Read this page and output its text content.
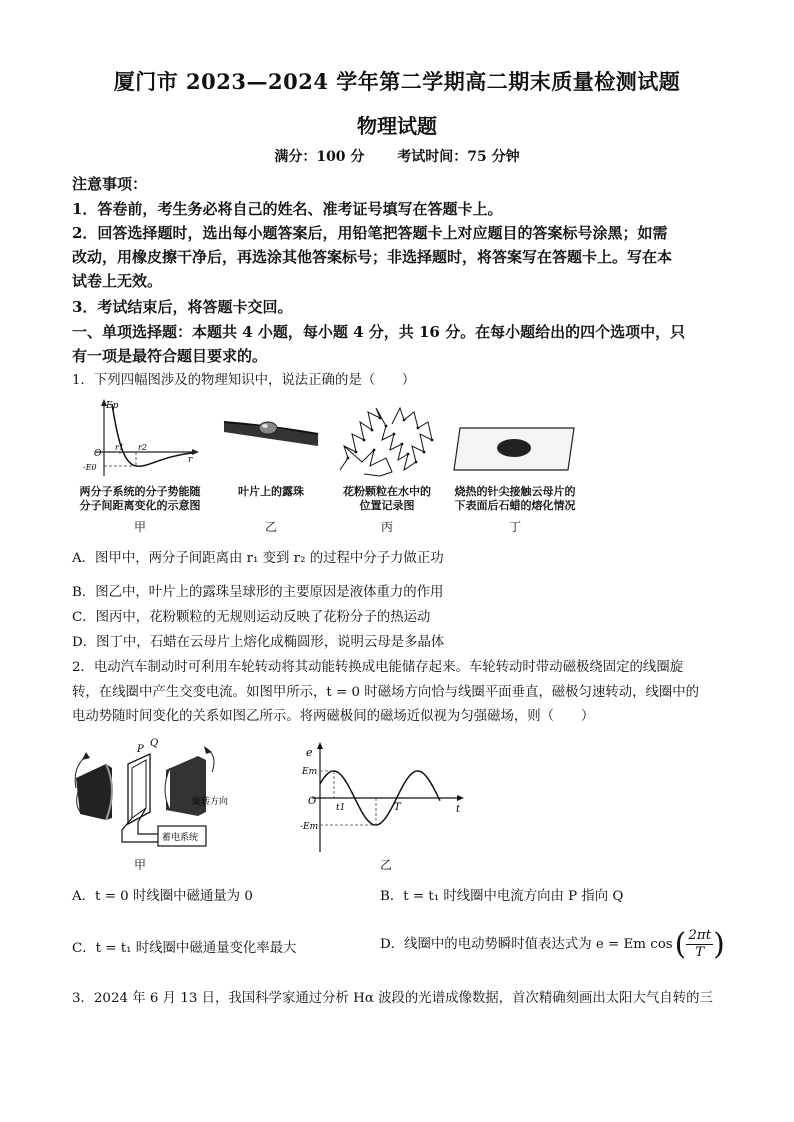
厦门市 2023—2024 学年第二学期高二期末质量检测试题
物理试题
满分：100 分 考试时间：75 分钟
注意事项：
1．答卷前，考生务必将自己的姓名、准考证号填写在答题卡上。
2．回答选择题时，选出每小题答案后，用铅笔把答题卡上对应题目的答案标号涂黑；如需
改动，用橡皮擦干净后，再选涂其他答案标号；非选择题时，将答案写在答题卡上。写在本
试卷上无效。
3．考试结束后，将答题卡交回。
一、单项选择题：本题共 4 小题，每小题 4 分，共 16 分。在每小题给出的四个选项中，只
有一项是最符合题目要求的。
1．下列四幅图涉及的物理知识中，说法正确的是（　　）
Ep
O
-E0
r1 r2
r
两分子系统的分子势能随
分子间距离变化的示意图
甲
叶片上的露珠
乙
花粉颗粒在水中的
位置记录图
丙
烧热的针尖接触云母片的
下表面后石蜡的熔化情况
丁
A．图甲中，两分子间距离由 r₁ 变到 r₂ 的过程中分子力做正功
B．图乙中，叶片上的露珠呈球形的主要原因是液体重力的作用
C．图丙中，花粉颗粒的无规则运动反映了花粉分子的热运动
D．图丁中，石蜡在云母片上熔化成椭圆形，说明云母是多晶体
2．电动汽车制动时可利用车轮转动将其动能转换成电能储存起来。车轮转动时带动磁极绕固定的线圈旋
转，在线圈中产生交变电流。如图甲所示，t = 0 时磁场方向恰与线圈平面垂直，磁极匀速转动，线圈中的
电动势随时间变化的关系如图乙所示。将两磁极间的磁场近似视为匀强磁场，则（　　）
P
Q
旋转方向
蓄电系统
甲
e
Em
-Em
O
t1	T	t
乙
A．t = 0 时线圈中磁通量为 0	B．t = t₁ 时线圈中电流方向由 P 指向 Q
C．t = t₁ 时线圈中磁通量变化率最大	D．线圈中的电动势瞬时值表达式为 e = Em cos ( $\frac{2\pi t}{T}$ )
3．2024 年 6 月 13 日，我国科学家通过分析 Hα 波段的光谱成像数据，首次精确刻画出太阳大气自转的三
